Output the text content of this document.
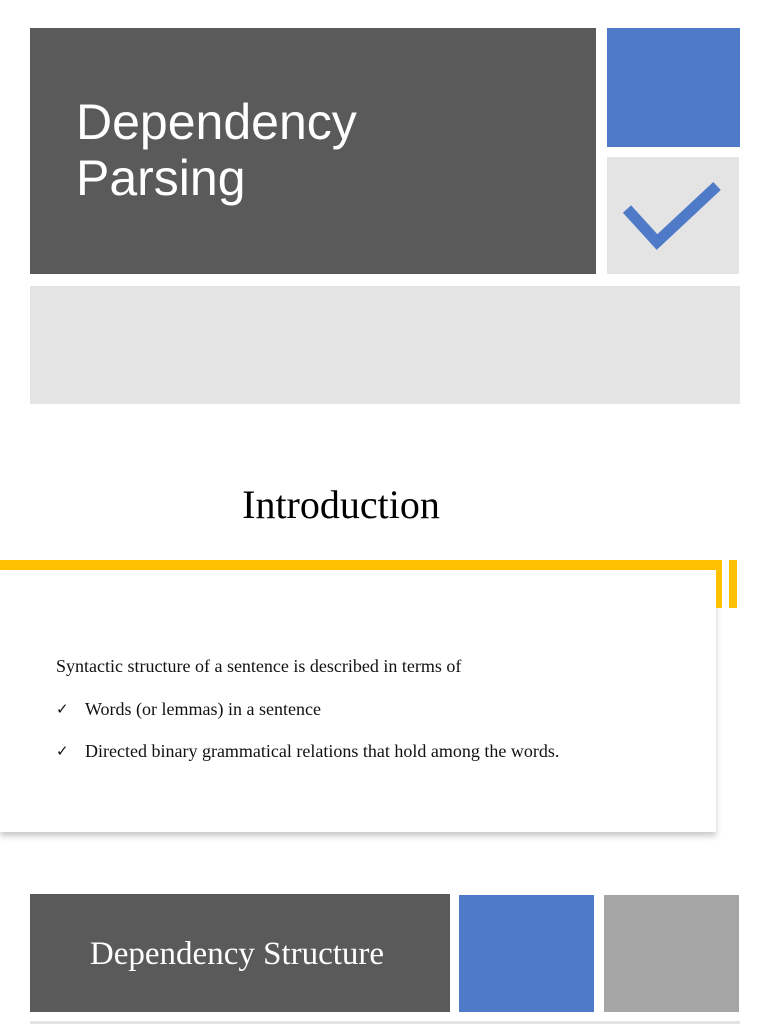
Dependency
Parsing
Introduction
Syntactic structure of a sentence is described in terms of
✓ Words (or lemmas) in a sentence
✓ Directed binary grammatical relations that hold among the words.
Dependency Structure
